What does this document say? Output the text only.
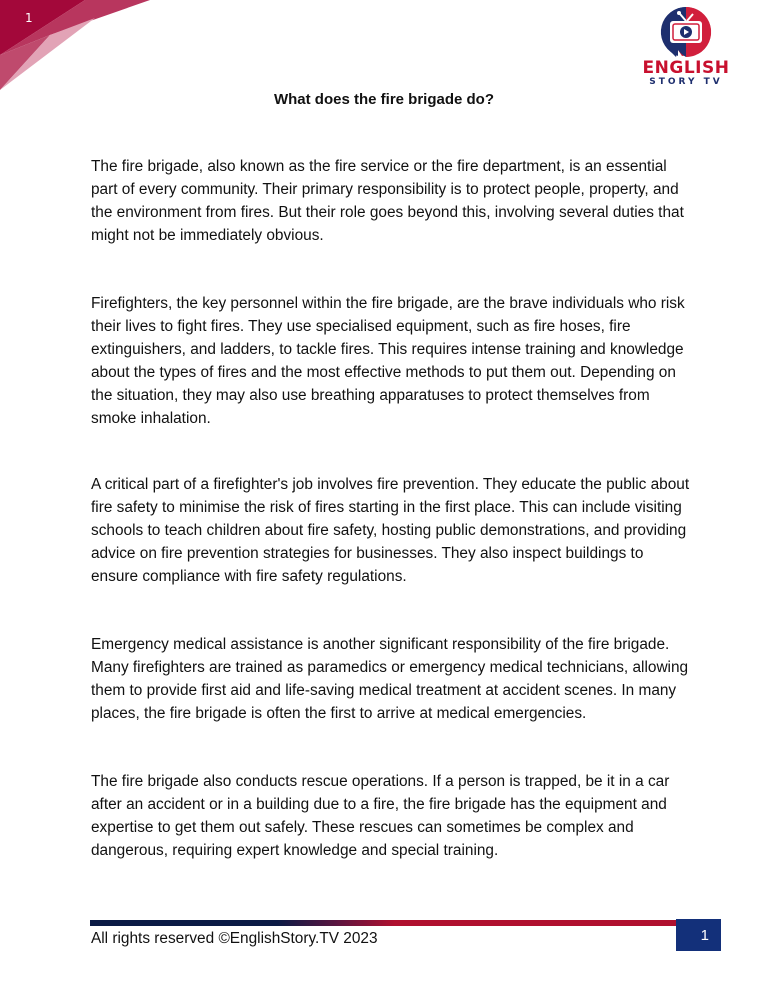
1
ENGLISH
STORY TV
What does the fire brigade do?

The fire brigade, also known as the fire service or the fire department, is an essential part of every community. Their primary responsibility is to protect people, property, and the environment from fires. But their role goes beyond this, involving several duties that might not be immediately obvious.

Firefighters, the key personnel within the fire brigade, are the brave individuals who risk their lives to fight fires. They use specialised equipment, such as fire hoses, fire extinguishers, and ladders, to tackle fires. This requires intense training and knowledge about the types of fires and the most effective methods to put them out. Depending on the situation, they may also use breathing apparatuses to protect themselves from smoke inhalation.

A critical part of a firefighter's job involves fire prevention. They educate the public about fire safety to minimise the risk of fires starting in the first place. This can include visiting schools to teach children about fire safety, hosting public demonstrations, and providing advice on fire prevention strategies for businesses. They also inspect buildings to ensure compliance with fire safety regulations.

Emergency medical assistance is another significant responsibility of the fire brigade. Many firefighters are trained as paramedics or emergency medical technicians, allowing them to provide first aid and life-saving medical treatment at accident scenes. In many places, the fire brigade is often the first to arrive at medical emergencies.

The fire brigade also conducts rescue operations. If a person is trapped, be it in a car after an accident or in a building due to a fire, the fire brigade has the equipment and expertise to get them out safely. These rescues can sometimes be complex and dangerous, requiring expert knowledge and special training.

All rights reserved ©EnglishStory.TV 2023	1
